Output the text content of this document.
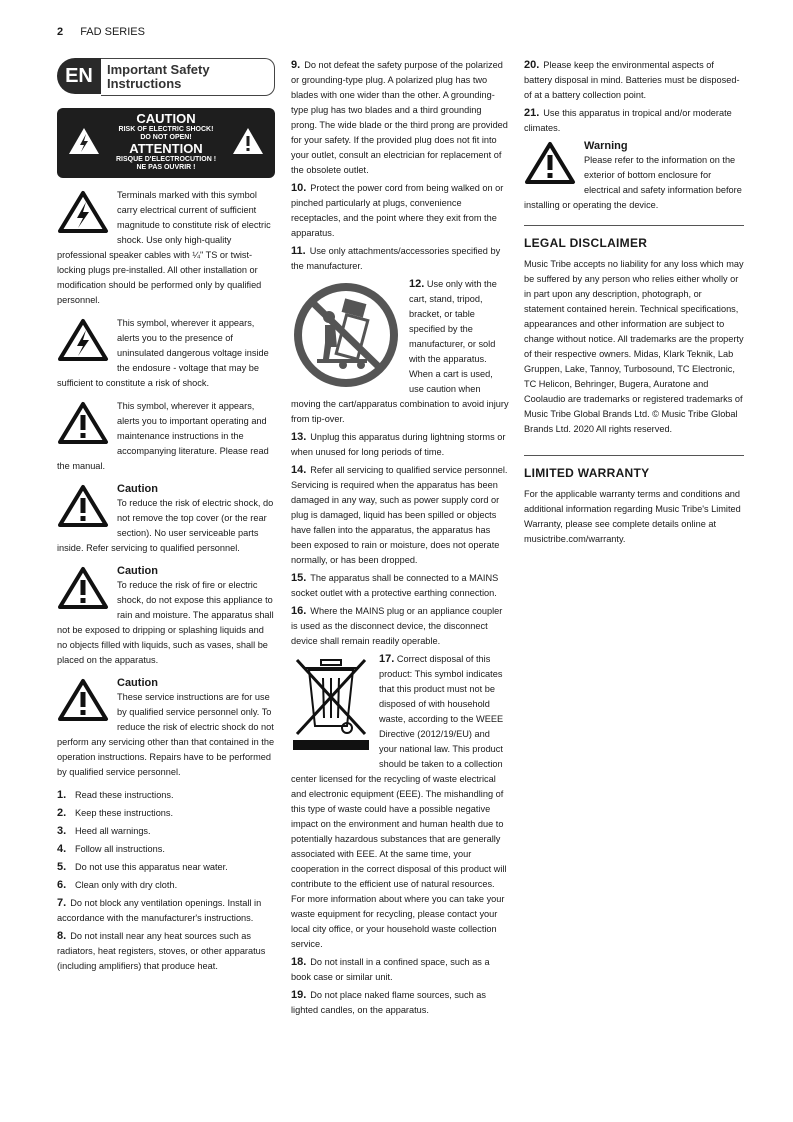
2 FAD SERIES
EN	Important Safety
Instructions
CAUTION
RISK OF ELECTRIC SHOCK!
DO NOT OPEN!
ATTENTION
RISQUE D'ELECTROCUTION !
NE PAS OUVRIR !

Terminals marked with this symbol carry electrical current of sufficient magnitude to constitute risk of electric shock. Use only high-quality professional speaker cables with ¼" TS or twist-locking plugs pre-installed. All other installation or modification should be performed only by qualified personnel.

This symbol, wherever it appears, alerts you to the presence of uninsulated dangerous voltage inside the endosure - voltage that may be sufficient to constitute a risk of shock.

This symbol, wherever it appears, alerts you to important operating and maintenance instructions in the accompanying literature. Please read the manual.

Caution

To reduce the risk of electric shock, do not remove the top cover (or the rear section). No user serviceable parts inside. Refer servicing to qualified personnel.

Caution

To reduce the risk of fire or electric shock, do not expose this appliance to rain and moisture. The apparatus shall not be exposed to dripping or splashing liquids and no objects filled with liquids, such as vases, shall be placed on the apparatus.

Caution

These service instructions are for use by qualified service personnel only. To reduce the risk of electric shock do not perform any servicing other than that contained in the operation instructions. Repairs have to be performed by qualified service personnel.

1. Read these instructions.
2. Keep these instructions.
3. Heed all warnings.
4. Follow all instructions.
5. Do not use this apparatus near water.
6. Clean only with dry cloth.
7. Do not block any ventilation openings. Install in accordance with the manufacturer's instructions.
8. Do not install near any heat sources such as radiators, heat registers, stoves, or other apparatus (including amplifiers) that produce heat.
9. Do not defeat the safety purpose of the polarized or grounding-type plug. A polarized plug has two blades with one wider than the other. A grounding-type plug has two blades and a third grounding prong. The wide blade or the third prong are provided for your safety. If the provided plug does not fit into your outlet, consult an electrician for replacement of the obsolete outlet.
10. Protect the power cord from being walked on or pinched particularly at plugs, convenience receptacles, and the point where they exit from the apparatus.
11. Use only attachments/accessories specified by the manufacturer.
12. Use only with the cart, stand, tripod, bracket, or table specified by the manufacturer, or sold with the apparatus. When a cart is used, use caution when moving the cart/apparatus combination to avoid injury from tip-over.
13. Unplug this apparatus during lightning storms or when unused for long periods of time.
14. Refer all servicing to qualified service personnel. Servicing is required when the apparatus has been damaged in any way, such as power supply cord or plug is damaged, liquid has been spilled or objects have fallen into the apparatus, the apparatus has been exposed to rain or moisture, does not operate normally, or has been dropped.
15. The apparatus shall be connected to a MAINS socket outlet with a protective earthing connection.
16. Where the MAINS plug or an appliance coupler is used as the disconnect device, the disconnect device shall remain readily operable.
17. Correct disposal of this product: This symbol indicates that this product must not be disposed of with household waste, according to the WEEE Directive (2012/19/EU) and your national law. This product should be taken to a collection center licensed for the recycling of waste electrical and electronic equipment (EEE). The mishandling of this type of waste could have a possible negative impact on the environment and human health due to potentially hazardous substances that are generally associated with EEE. At the same time, your cooperation in the correct disposal of this product will contribute to the efficient use of natural resources. For more information about where you can take your waste equipment for recycling, please contact your local city office, or your household waste collection service.
18. Do not install in a confined space, such as a book case or similar unit.
19. Do not place naked flame sources, such as lighted candles, on the apparatus.
20. Please keep the environmental aspects of battery disposal in mind. Batteries must be disposed-of at a battery collection point.
21. Use this apparatus in tropical and/or moderate climates.
Warning

Please refer to the information on the exterior of bottom enclosure for electrical and safety information before installing or operating the device.

LEGAL DISCLAIMER

Music Tribe accepts no liability for any loss which may be suffered by any person who relies either wholly or in part upon any description, photograph, or statement contained herein. Technical specifications, appearances and other information are subject to change without notice. All trademarks are the property of their respective owners. Midas, Klark Teknik, Lab Gruppen, Lake, Tannoy, Turbosound, TC Electronic, TC Helicon, Behringer, Bugera, Auratone and Coolaudio are trademarks or registered trademarks of Music Tribe Global Brands Ltd. © Music Tribe Global Brands Ltd. 2020 All rights reserved.

LIMITED WARRANTY

For the applicable warranty terms and conditions and additional information regarding Music Tribe's Limited Warranty, please see complete details online at musictribe.com/warranty.
